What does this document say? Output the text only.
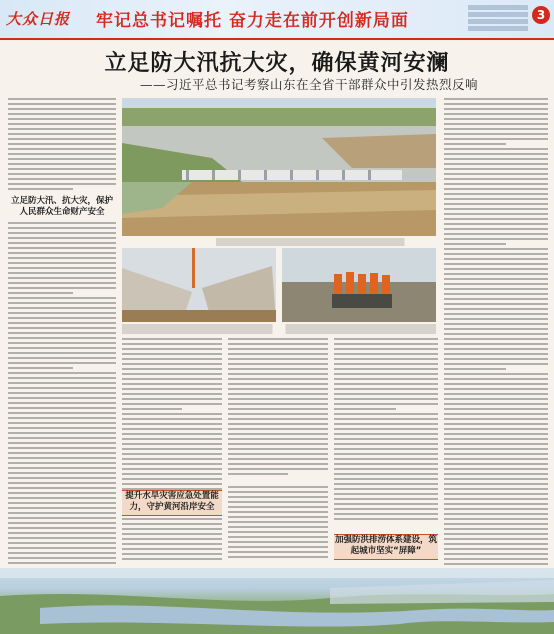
大众日报 牢记总书记嘱托 奋力走在前开创新局面	3
立足防大汛抗大灾，确保黄河安澜
——习近平总书记考察山东在全省干部群众中引发热烈反响
立足防大汛、抗大灾，保护人民群众生命财产安全
提升水旱灾害应急处置能力，守护黄河沿岸安全
加强防洪排涝体系建设，筑起城市坚实“屏障”
